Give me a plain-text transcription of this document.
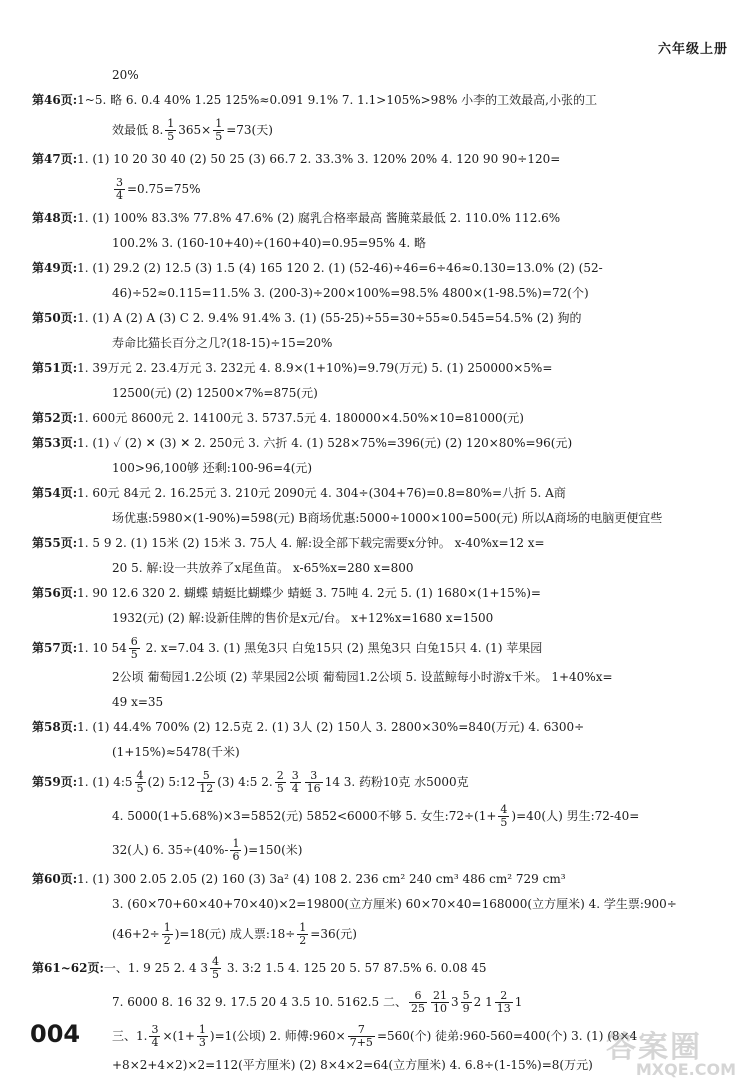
六年级上册
20%
第46页:1~5. 略 6. 0.4 40% 1.25 125%≈0.091 9.1% 7. 1.1>105%>98% 小李的工效最高,小张的工
效最低 8. $\frac{1}{5} 365\times \frac{1}{5} =73$(天)
第47页:1. (1) 10 20 30 40 (2) 50 25 (3) 66.7 2. 33.3% 3. 120% 20% 4. 120 90 90÷120=
$\frac{3}{4} =0.75=75\%$
第48页:1. (1) 100% 83.3% 77.8% 47.6% (2) 腐乳合格率最高 酱腌菜最低 2. 110.0% 112.6%
100.2% 3. (160-10+40)÷(160+40)=0.95=95% 4. 略
第49页:1. (1) 29.2 (2) 12.5 (3) 1.5 (4) 165 120 2. (1) (52-46)÷46=6÷46≈0.130=13.0% (2) (52-
46)÷52≈0.115=11.5% 3. (200-3)÷200×100%=98.5% 4800×(1-98.5%)=72(个)
第50页:1. (1) A (2) A (3) C 2. 9.4% 91.4% 3. (1) (55-25)÷55=30÷55≈0.545=54.5% (2) 狗的
寿命比猫长百分之几?(18-15)÷15=20%
第51页:1. 39万元 2. 23.4万元 3. 232元 4. 8.9×(1+10%)=9.79(万元) 5. (1) 250000×5%=
12500(元) (2) 12500×7%=875(元)
第52页:1. 600元 8600元 2. 14100元 3. 5737.5元 4. 180000×4.50%×10=81000(元)
第53页:1. (1) ✓ (2) ✕ (3) ✕ 2. 250元 3. 六折 4. (1) 528×75%=396(元) (2) 120×80%=96(元)
100>96,100够 还剩:100-96=4(元)
第54页:1. 60元 84元 2. 16.25元 3. 210元 2090元 4. 304÷(304+76)=0.8=80%=八折 5. A商
场优惠:5980×(1-90%)=598(元) B商场优惠:5000÷1000×100=500(元) 所以A商场的电脑更便宜些
第55页:1. 5 9 2. (1) 15米 (2) 15米 3. 75人 4. 解:设全部下载完需要x分钟。 x-40%x=12 x=
20 5. 解:设一共放养了x尾鱼苗。 x-65%x=280 x=800
第56页:1. 90 12.6 320 2. 蝴蝶 蜻蜓比蝴蝶少 蜻蜓 3. 75吨 4. 2元 5. (1) 1680×(1+15%)=
1932(元) (2) 解:设新佳牌的售价是x元/台。 x+12%x=1680 x=1500
第57页:1. 10 $54 \frac{6}{5} 2$. x=7.04 3. (1) 黑兔3只 白兔15只 (2) 黑兔3只 白兔15只 4. (1) 苹果园
2公顷 葡萄园1.2公顷 (2) 苹果园2公顷 葡萄园1.2公顷 5. 设蓝鲸每小时游x千米。 1+40%x=
49 x=35
第58页:1. (1) 44.4% 700% (2) 12.5克 2. (1) 3人 (2) 150人 3. 2800×30%=840(万元) 4. 6300÷
(1+15%)≈5478(千米)
第59页:1. (1) 4:5 $\frac{4}{5} (2)$ 5:12 $\frac{5}{12} (3)$ 4:5 2. $\frac{2}{5} \frac{3}{4} \frac{3}{16} 14$ 3. 药粉10克 水5000克
4. 5000(1+5.68%)×3=5852(元) 5852<6000不够 5. 女生:72÷(1+ $\frac{4}{5} )=40$(人) 男生:72-40=
32(人) 6. $35\div(40\%- \frac{1}{6} )=150$(米)
第60页:1. (1) 300 2.05 2.05 (2) 160 (3) 3a² (4) 108 2. 236 cm² 240 cm³ 486 cm² 729 cm³
3. (60×70+60×40+70×40)×2=19800(立方厘米) 60×70×40=168000(立方厘米) 4. 学生票:900÷
$(46+2\div \frac{1}{2} )=18$(元) 成人票:18÷ $\frac{1}{2} =36$(元)
第61~62页:一、1. 9 25 2. 4 $3 \frac{4}{5} 3$. 3:2 1.5 4. 125 20 5. 57 87.5% 6. 0.08 45
7. 6000 8. 16 32 9. 17.5 20 4 3.5 10. 5162.5 二、 $\frac{6}{25} \frac{21}{10} 3 \frac{5}{9} 2$ $1 \frac{2}{13} 1$
三、1. $\frac{3}{4} \times(1+ \frac{1}{3} )=1$(公顷) 2. 师傅:960× $\frac{7}{7+5} =560$(个) 徒弟:960-560=400(个) 3. (1) (8×4
+8×2+4×2)×2=112(平方厘米) (2) 8×4×2=64(立方厘米) 4. 6.8÷(1-15%)=8(万元)
004	答案圈
MXQE.COM
